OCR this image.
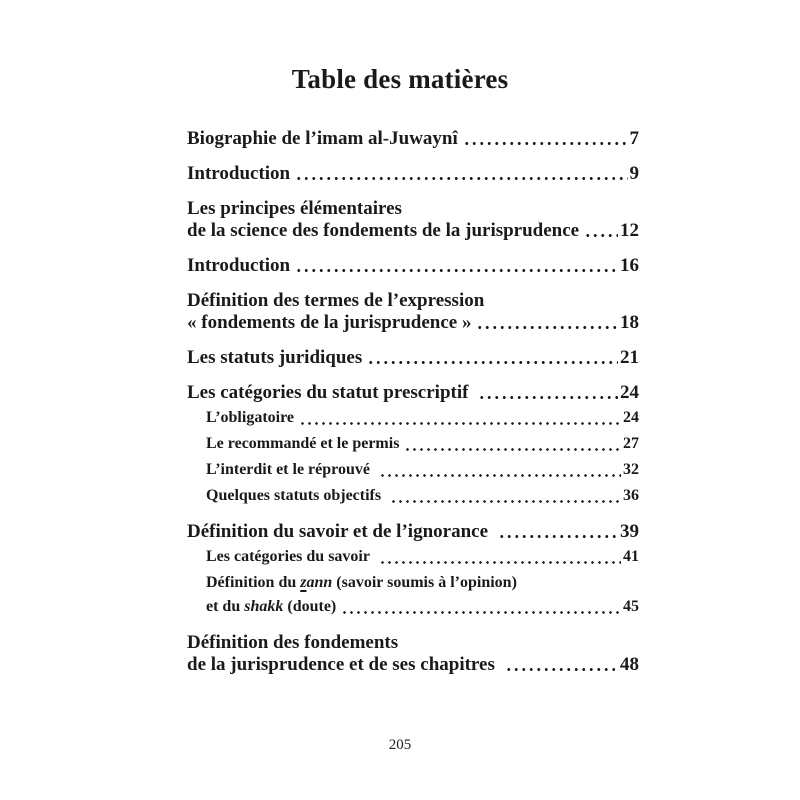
Table des matières
Biographie de l’imam al-Juwaynî	7
Introduction	9
Les principes élémentaires
de la science des fondements de la jurisprudence 12
Introduction	16
Définition des termes de l’expression
« fondements de la jurisprudence »	18
Les statuts juridiques	21
Les catégories du statut prescriptif	24
L’obligatoire	24
Le recommandé et le permis	27
L’interdit et le réprouvé	32
Quelques statuts objectifs	36
Définition du savoir et de l’ignorance	39
Les catégories du savoir	41
Définition du z ann (savoir soumis à l’opinion)
et du shakk (doute)	45
Définition des fondements
de la jurisprudence et de ses chapitres	48
205
